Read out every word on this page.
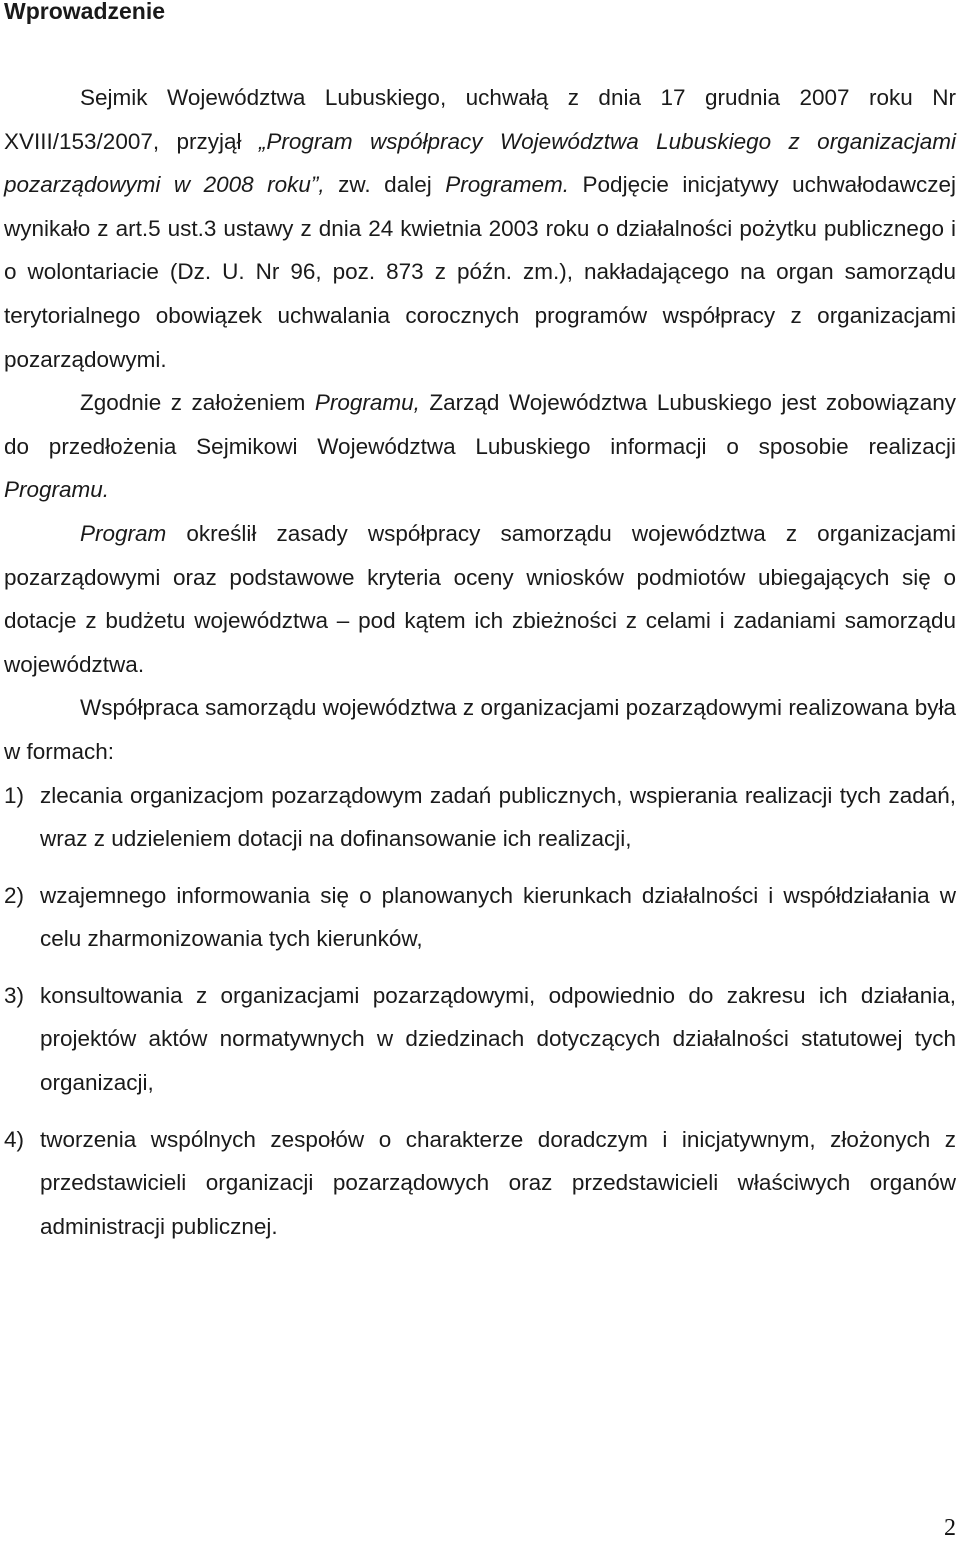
Wprowadzenie

Sejmik Województwa Lubuskiego, uchwałą z dnia 17 grudnia 2007 roku Nr XVIII/153/2007, przyjął „Program współpracy Województwa Lubuskiego z organizacjami pozarządowymi w 2008 roku”, zw. dalej Programem. Podjęcie inicjatywy uchwałodawczej wynikało z art.5 ust.3 ustawy z dnia 24 kwietnia 2003 roku o działalności pożytku publicznego i o wolontariacie (Dz. U. Nr 96, poz. 873 z późn. zm.), nakładającego na organ samorządu terytorialnego obowiązek uchwalania corocznych programów współpracy z organizacjami pozarządowymi.

Zgodnie z założeniem Programu, Zarząd Województwa Lubuskiego jest zobowiązany do przedłożenia Sejmikowi Województwa Lubuskiego informacji o sposobie realizacji Programu.

Program określił zasady współpracy samorządu województwa z organizacjami pozarządowymi oraz podstawowe kryteria oceny wniosków podmiotów ubiegających się o dotacje z budżetu województwa – pod kątem ich zbieżności z celami i zadaniami samorządu województwa.

Współpraca samorządu województwa z organizacjami pozarządowymi realizowana była w formach:

1) zlecania organizacjom pozarządowym zadań publicznych, wspierania realizacji tych zadań, wraz z udzieleniem dotacji na dofinansowanie ich realizacji,
2) wzajemnego informowania się o planowanych kierunkach działalności i współdziałania w celu zharmonizowania tych kierunków,
3) konsultowania z organizacjami pozarządowymi, odpowiednio do zakresu ich działania, projektów aktów normatywnych w dziedzinach dotyczących działalności statutowej tych organizacji,
4) tworzenia wspólnych zespołów o charakterze doradczym i inicjatywnym, złożonych z przedstawicieli organizacji pozarządowych oraz przedstawicieli właściwych organów administracji publicznej.
2
